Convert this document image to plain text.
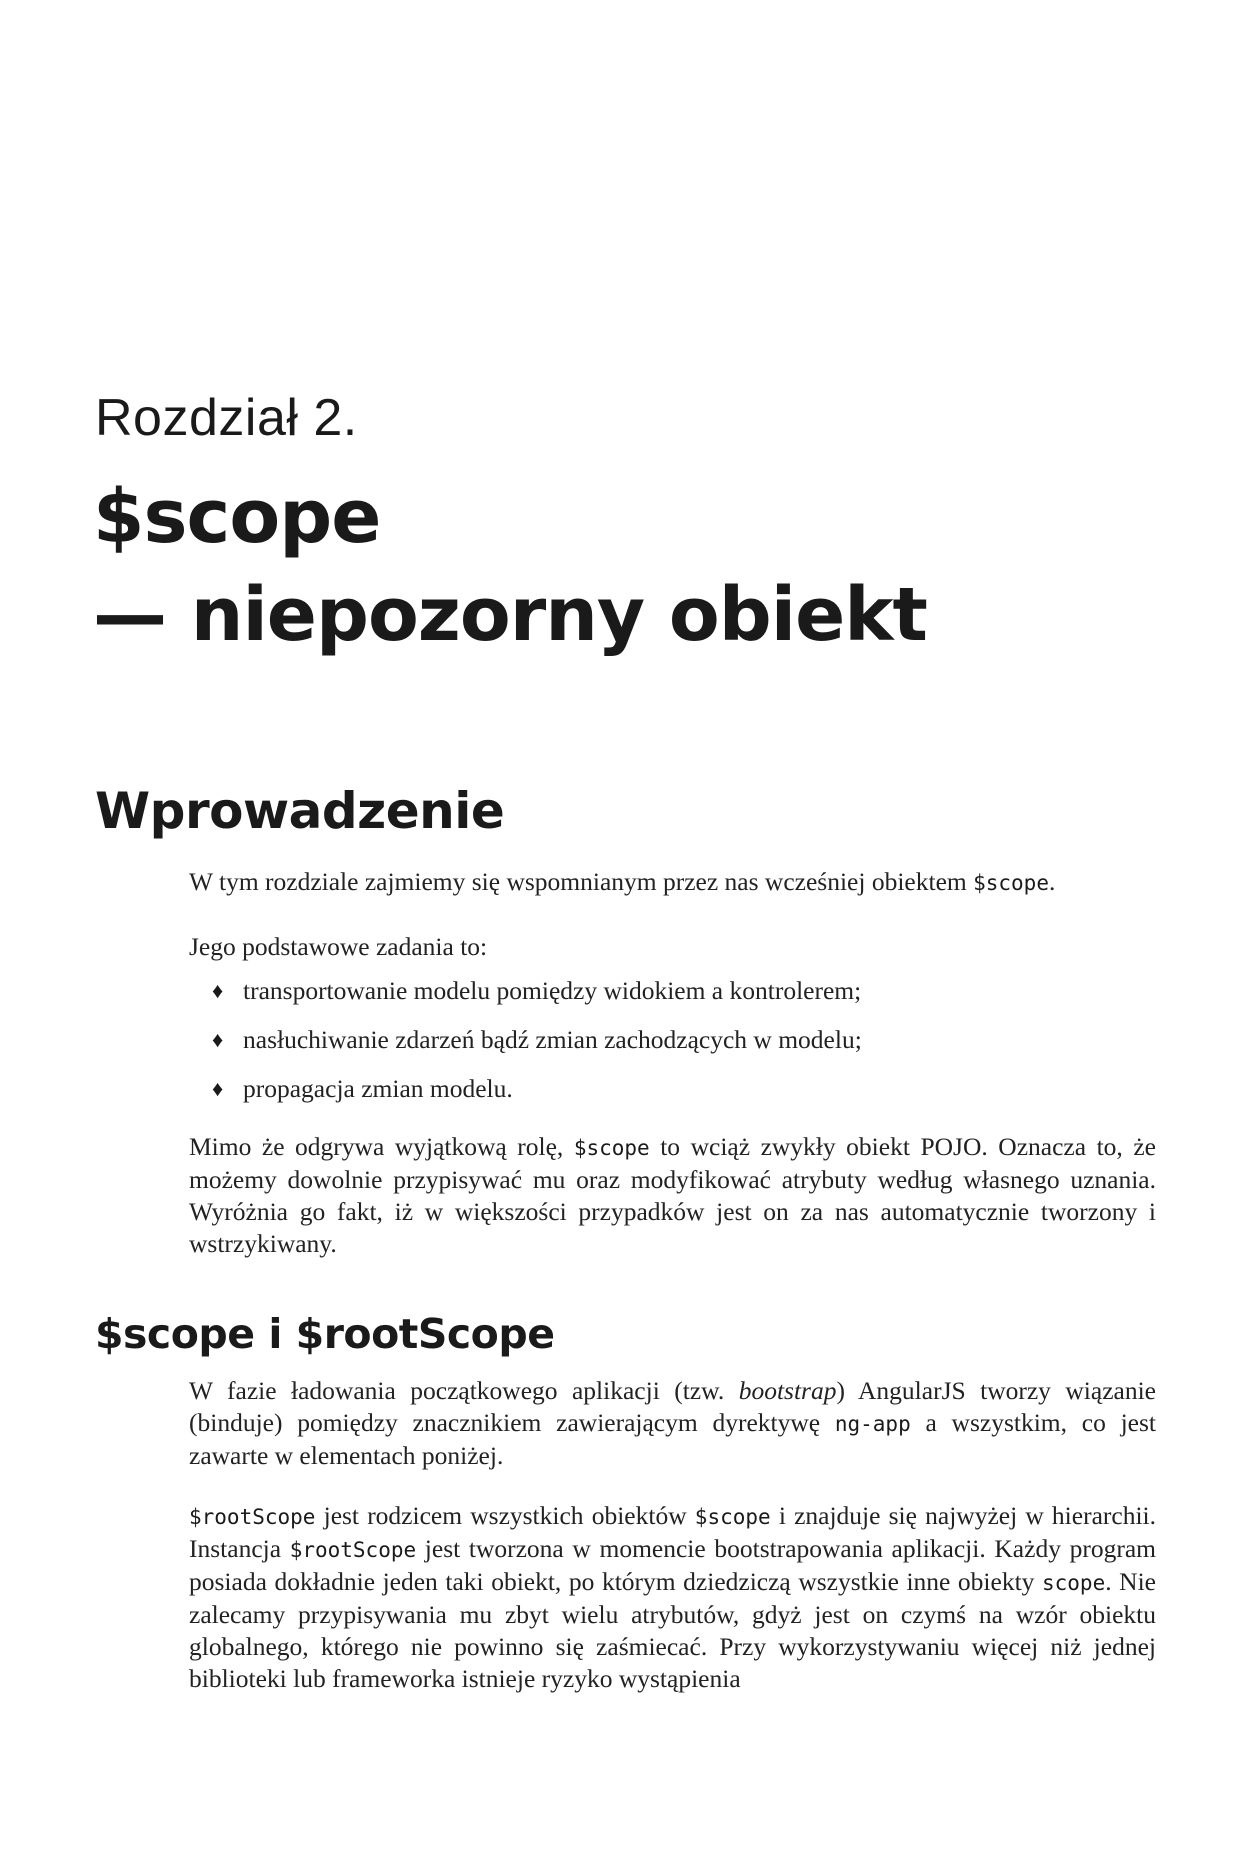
Rozdział 2.
$scope
— niepozorny obiekt
Wprowadzenie

W tym rozdziale zajmiemy się wspomnianym przez nas wcześniej obiektem $scope.

Jego podstawowe zadania to:

♦ transportowanie modelu pomiędzy widokiem a kontrolerem;
♦ nasłuchiwanie zdarzeń bądź zmian zachodzących w modelu;
♦ propagacja zmian modelu.

Mimo że odgrywa wyjątkową rolę, $scope to wciąż zwykły obiekt POJO. Oznacza to, że możemy dowolnie przypisywać mu oraz modyfikować atrybuty według własnego uznania. Wyróżnia go fakt, iż w większości przypadków jest on za nas automatycznie tworzony i wstrzykiwany.

$scope i $rootScope

W fazie ładowania początkowego aplikacji (tzw. bootstrap) AngularJS tworzy wiązanie (binduje) pomiędzy znacznikiem zawierającym dyrektywę ng-app a wszystkim, co jest zawarte w elementach poniżej.

$rootScope jest rodzicem wszystkich obiektów $scope i znajduje się najwyżej w hierarchii. Instancja $rootScope jest tworzona w momencie bootstrapowania aplikacji. Każdy program posiada dokładnie jeden taki obiekt, po którym dziedziczą wszystkie inne obiekty scope. Nie zalecamy przypisywania mu zbyt wielu atrybutów, gdyż jest on czymś na wzór obiektu globalnego, którego nie powinno się zaśmiecać. Przy wykorzystywaniu więcej niż jednej biblioteki lub frameworka istnieje ryzyko wystąpienia
